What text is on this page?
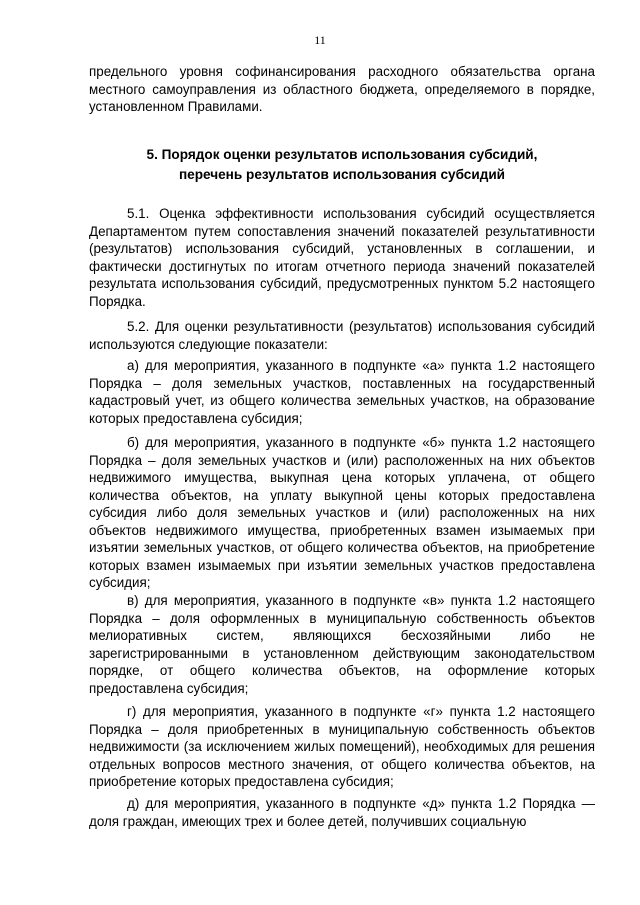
11
предельного уровня софинансирования расходного обязательства органа местного самоуправления из областного бюджета, определяемого в порядке, установленном Правилами.
5. Порядок оценки результатов использования субсидий,
перечень результатов использования субсидий
5.1. Оценка эффективности использования субсидий осуществляется Департаментом путем сопоставления значений показателей результативности (результатов) использования субсидий, установленных в соглашении, и фактически достигнутых по итогам отчетного периода значений показателей результата использования субсидий, предусмотренных пунктом 5.2 настоящего Порядка.
5.2. Для оценки результативности (результатов) использования субсидий используются следующие показатели:
а) для мероприятия, указанного в подпункте «а» пункта 1.2 настоящего Порядка – доля земельных участков, поставленных на государственный кадастровый учет, из общего количества земельных участков, на образование которых предоставлена субсидия;
б) для мероприятия, указанного в подпункте «б» пункта 1.2 настоящего Порядка – доля земельных участков и (или) расположенных на них объектов недвижимого имущества, выкупная цена которых уплачена, от общего количества объектов, на уплату выкупной цены которых предоставлена субсидия либо доля земельных участков и (или) расположенных на них объектов недвижимого имущества, приобретенных взамен изымаемых при изъятии земельных участков, от общего количества объектов, на приобретение которых взамен изымаемых при изъятии земельных участков предоставлена субсидия;
в) для мероприятия, указанного в подпункте «в» пункта 1.2 настоящего Порядка – доля оформленных в муниципальную собственность объектов мелиоративных систем, являющихся бесхозяйными либо не зарегистрированными в установленном действующим законодательством порядке, от общего количества объектов, на оформление которых предоставлена субсидия;
г) для мероприятия, указанного в подпункте «г» пункта 1.2 настоящего Порядка – доля приобретенных в муниципальную собственность объектов недвижимости (за исключением жилых помещений), необходимых для решения отдельных вопросов местного значения, от общего количества объектов, на приобретение которых предоставлена субсидия;
д) для мероприятия, указанного в подпункте «д» пункта 1.2 Порядка — доля граждан, имеющих трех и более детей, получивших социальную
